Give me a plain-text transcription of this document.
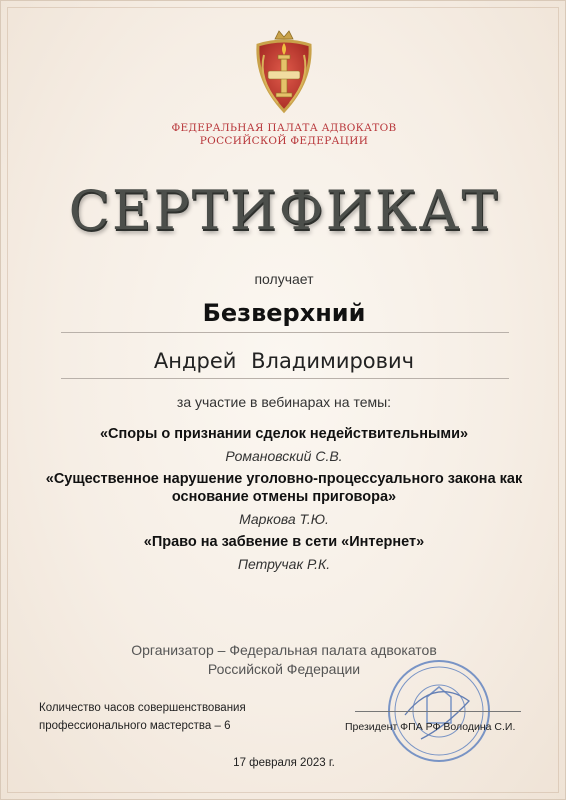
ФЕДЕРАЛЬНАЯ ПАЛАТА АДВОКАТОВ
РОССИЙСКОЙ ФЕДЕРАЦИИ
СЕРТИФИКАТ
получает
Безверхний
Андрей Владимирович
за участие в вебинарах на темы:
«Споры о признании сделок недействительными»
Романовский С.В.
«Существенное нарушение уголовно-процессуального закона как основание отмены приговора»
Маркова Т.Ю.
«Право на забвение в сети «Интернет»
Петручак Р.К.
Организатор – Федеральная палата адвокатов
Российской Федерации
Количество часов совершенствования
профессионального мастерства – 6	Президент ФПА РФ Володина С.И.
17 февраля 2023 г.
